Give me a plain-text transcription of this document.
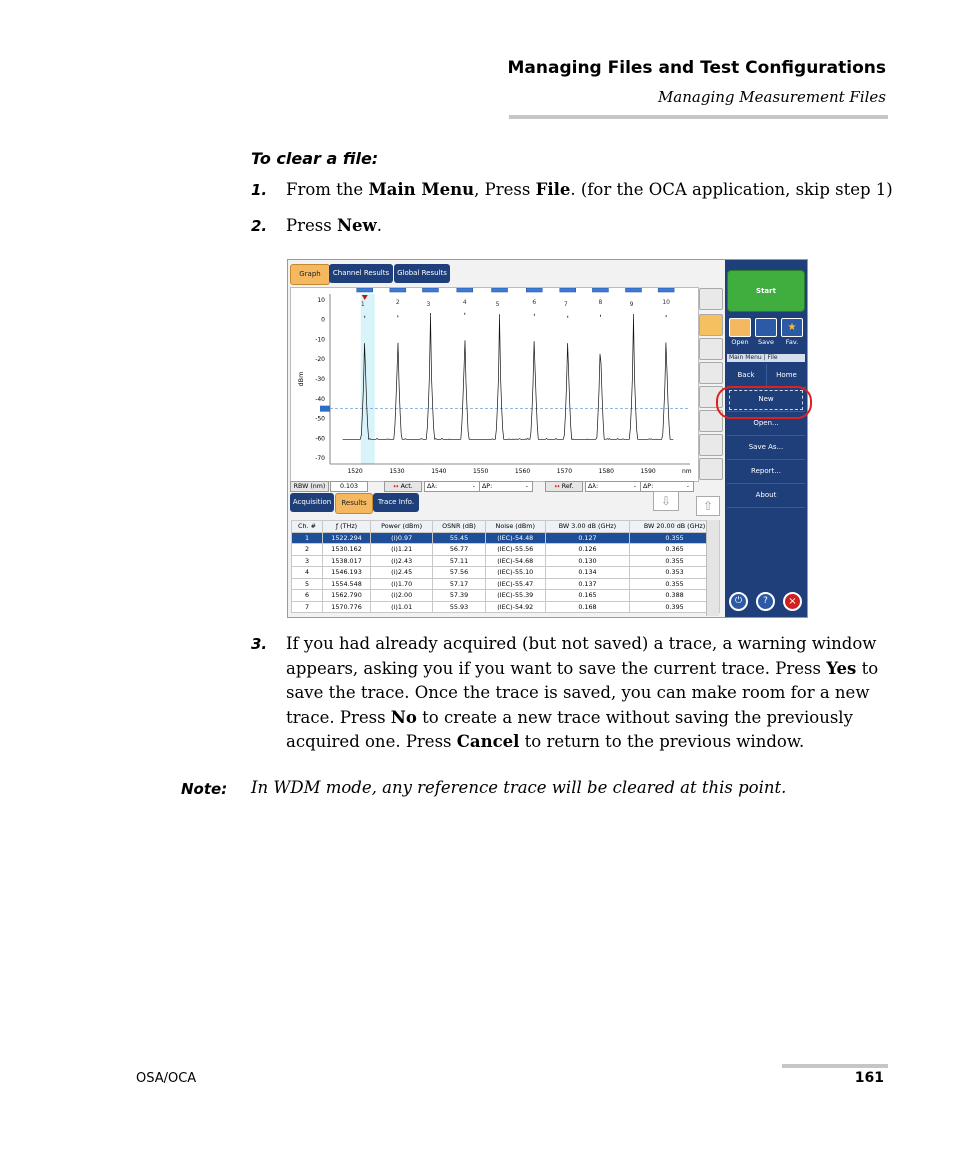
Managing Files and Test Configurations
Managing Measurement Files
To clear a file:
1. From the Main Menu, Press File. (for the OCA application, skip step 1)
2. Press New.
Graph	Channel Results	Global Results
10
0
-10
-20
-30
-40
-50
-60
-70
dBm
1520	1530	1540	1550	1560	1570	1580	1590	nm
1	2	3	4	5	6	7	8	9	10
RBW (nm)	0.103	↔ Act.	Δλ:	-	ΔP:	-	↔ Ref.	Δλ:	-	ΔP:	-
Acquisition	Results	Trace Info.	⇩	⇧
Ch. #	ƒ (THz)	Power (dBm)	OSNR (dB)	Noise (dBm)	BW 3.00 dB (GHz)	BW 20.00 dB (GHz)
1	1522.294	(i)0.97	55.45	(IEC)-54.48	0.127	0.355
2	1530.162	(i)1.21	56.77	(IEC)-55.56	0.126	0.365
3	1538.017	(i)2.43	57.11	(IEC)-54.68	0.130	0.355
4	1546.193	(i)2.45	57.56	(IEC)-55.10	0.134	0.353
5	1554.548	(i)1.70	57.17	(IEC)-55.47	0.137	0.355
6	1562.790	(i)2.00	57.39	(IEC)-55.39	0.165	0.388
7	1570.776	(i)1.01	55.93	(IEC)-54.92	0.168	0.395
Start
★
Open	Save	Fav.
Main Menu | File
Back	Home
New
Open...
Save As...
Report...
About
⏻	?	×
3. If you had already acquired (but not saved) a trace, a warning window appears, asking you if you want to save the current trace. Press Yes to save the trace. Once the trace is saved, you can make room for a new trace. Press No to create a new trace without saving the previously acquired one. Press Cancel to return to the previous window.
Note: In WDM mode, any reference trace will be cleared at this point.
OSA/OCA	161
